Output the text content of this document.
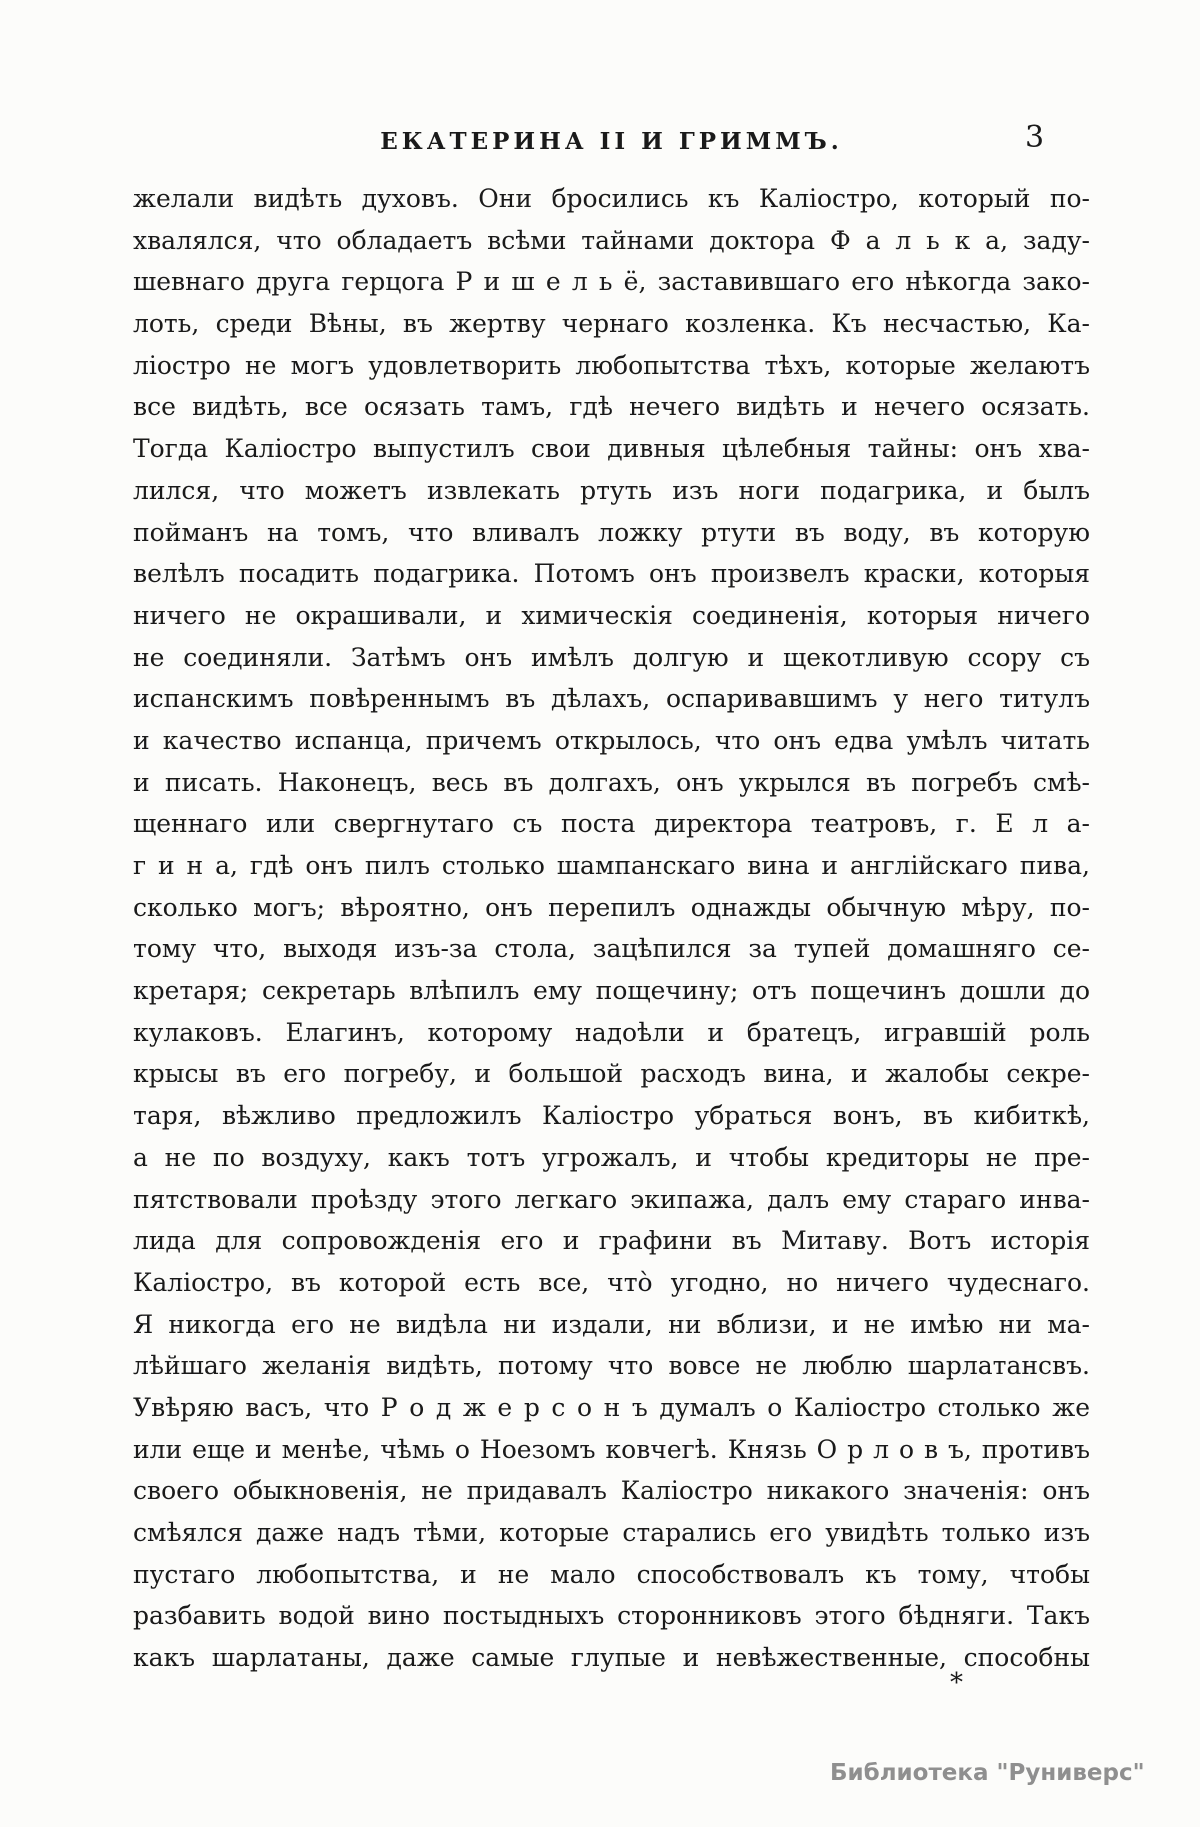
ЕКАТЕРИНА II И ГРИММЪ.	3
желали видѣть духовъ. Они бросились къ Каліостро, который по-
хвалялся, что обладаетъ всѣми тайнами доктора Ф а л ь к а, заду-
шевнаго друга герцога Р и ш е л ь ё, заставившаго его нѣкогда зако-
лоть, среди Вѣны, въ жертву чернаго козленка. Къ несчастью, Ка-
ліостро не могъ удовлетворить любопытства тѣхъ, которые желаютъ
все видѣть, все осязать тамъ, гдѣ нечего видѣть и нечего осязать.
Тогда Каліостро выпустилъ свои дивныя цѣлебныя тайны: онъ хва-
лился, что можетъ извлекать ртуть изъ ноги подагрика, и былъ
пойманъ на томъ, что вливалъ ложку ртути въ воду, въ которую
велѣлъ посадить подагрика. Потомъ онъ произвелъ краски, которыя
ничего не окрашивали, и химическія соединенія, которыя ничего
не соединяли. Затѣмъ онъ имѣлъ долгую и щекотливую ссору съ
испанскимъ повѣреннымъ въ дѣлахъ, оспаривавшимъ у него титулъ
и качество испанца, причемъ открылось, что онъ едва умѣлъ читать
и писать. Наконецъ, весь въ долгахъ, онъ укрылся въ погребъ смѣ-
щеннаго или свергнутаго съ поста директора театровъ, г. Е л а-
г и н а, гдѣ онъ пилъ столько шампанскаго вина и англійскаго пива,
сколько могъ; вѣроятно, онъ перепилъ однажды обычную мѣру, по-
тому что, выходя изъ-за стола, зацѣпился за тупей домашняго се-
кретаря; секретарь влѣпилъ ему пощечину; отъ пощечинъ дошли до
кулаковъ. Елагинъ, которому надоѣли и братецъ, игравшій роль
крысы въ его погребу, и большой расходъ вина, и жалобы секре-
таря, вѣжливо предложилъ Каліостро убраться вонъ, въ кибиткѣ,
а не по воздуху, какъ тотъ угрожалъ, и чтобы кредиторы не пре-
пятствовали проѣзду этого легкаго экипажа, далъ ему стараго инва-
лида для сопровожденія его и графини въ Митаву. Вотъ исторія
Каліостро, въ которой есть все, чтò угодно, но ничего чудеснаго.
Я никогда его не видѣла ни издали, ни вблизи, и не имѣю ни ма-
лѣйшаго желанія видѣть, потому что вовсе не люблю шарлатансвъ.
Увѣряю васъ, что Р о д ж е р с о н ъ думалъ о Каліостро столько же
или еще и менѣе, чѣмь о Ноезомъ ковчегѣ. Князь О р л о в ъ, противъ
своего обыкновенія, не придавалъ Каліостро никакого значенія: онъ
смѣялся даже надъ тѣми, которые старались его увидѣть только изъ
пустаго любопытства, и не мало способствовалъ къ тому, чтобы
разбавить водой вино постыдныхъ сторонниковъ этого бѣдняги. Такъ
какъ шарлатаны, даже самые глупые и невѣжественные, способны
*
Библиотека "Руниверс"
